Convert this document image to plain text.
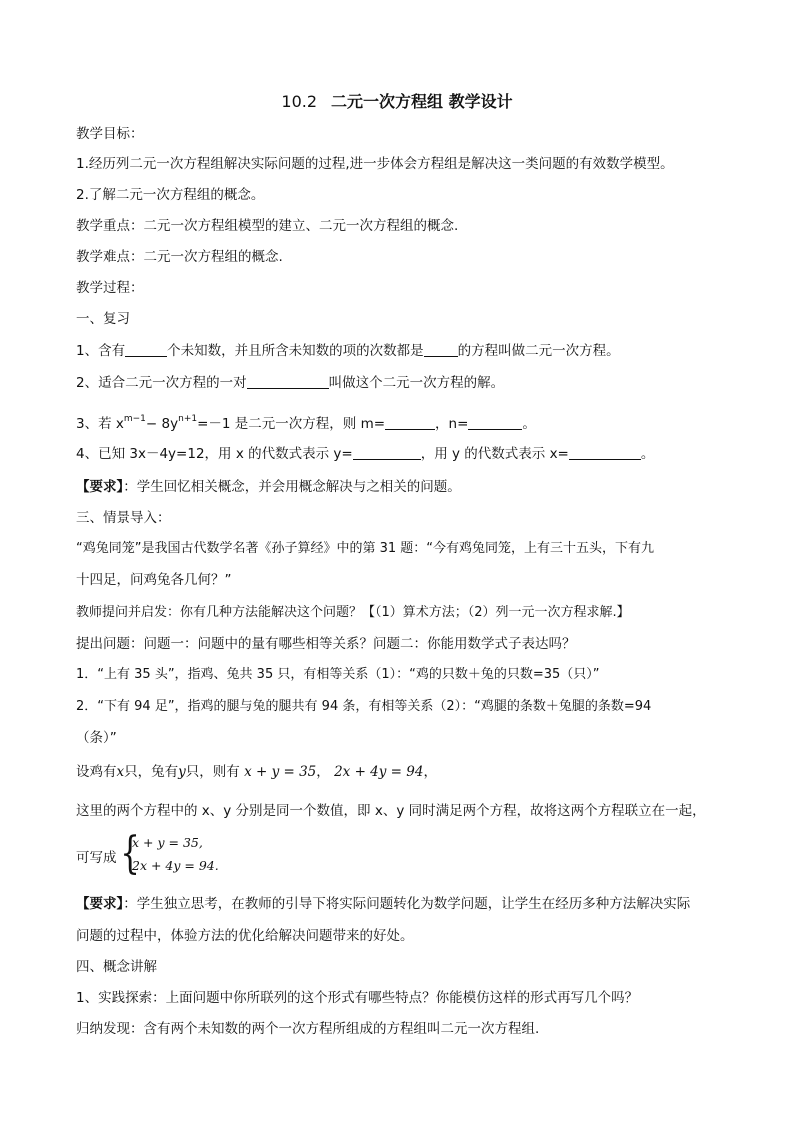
10.2 二元一次方程组 教学设计
教学目标：
1.经历列二元一次方程组解决实际问题的过程,进一步体会方程组是解决这一类问题的有效数学模型。
2.了解二元一次方程组的概念。
教学重点：二元一次方程组模型的建立、二元一次方程组的概念.
教学难点：二元一次方程组的概念.
教学过程：
一、复习
1、含有	个未知数，并且所含未知数的项的次数都是	的方程叫做二元一次方程。
2、适合二元一次方程的一对	叫做这个二元一次方程的解。
3、若 $x^{m-1}- 8y^{n+1}=-1$ 是二元一次方程，则 m=	，n=	。
4、已知 3x－4y=12，用 x 的代数式表示 y=	，用 y 的代数式表示 x=	。
【要求】：学生回忆相关概念，并会用概念解决与之相关的问题。
三、情景导入：
“鸡兔同笼”是我国古代数学名著《孙子算经》中的第 31 题：“今有鸡兔同笼，上有三十五头，下有九
十四足，问鸡兔各几何？”
教师提问并启发：你有几种方法能解决这个问题？【（1）算术方法；（2）列一元一次方程求解.】
提出问题：问题一：问题中的量有哪些相等关系？问题二：你能用数学式子表达吗？
1．“上有 35 头”，指鸡、兔共 35 只，有相等关系（1）：“鸡的只数＋兔的只数=35（只）”
2．“下有 94 足”，指鸡的腿与兔的腿共有 94 条，有相等关系（2）：“鸡腿的条数＋兔腿的条数=94
（条）”
设鸡有x只，兔有y只，则有 x + y = 35， 2x + 4y = 94，
这里的两个方程中的 x、y 分别是同一个数值，即 x、y 同时满足两个方程，故将这两个方程联立在一起，
可写成 {
x + y = 35,
2x + 4y = 94.
【要求】：学生独立思考，在教师的引导下将实际问题转化为数学问题，让学生在经历多种方法解决实际
问题的过程中，体验方法的优化给解决问题带来的好处。
四、概念讲解
1、实践探索：上面问题中你所联列的这个形式有哪些特点？你能模仿这样的形式再写几个吗？
归纳发现：含有两个未知数的两个一次方程所组成的方程组叫二元一次方程组.
